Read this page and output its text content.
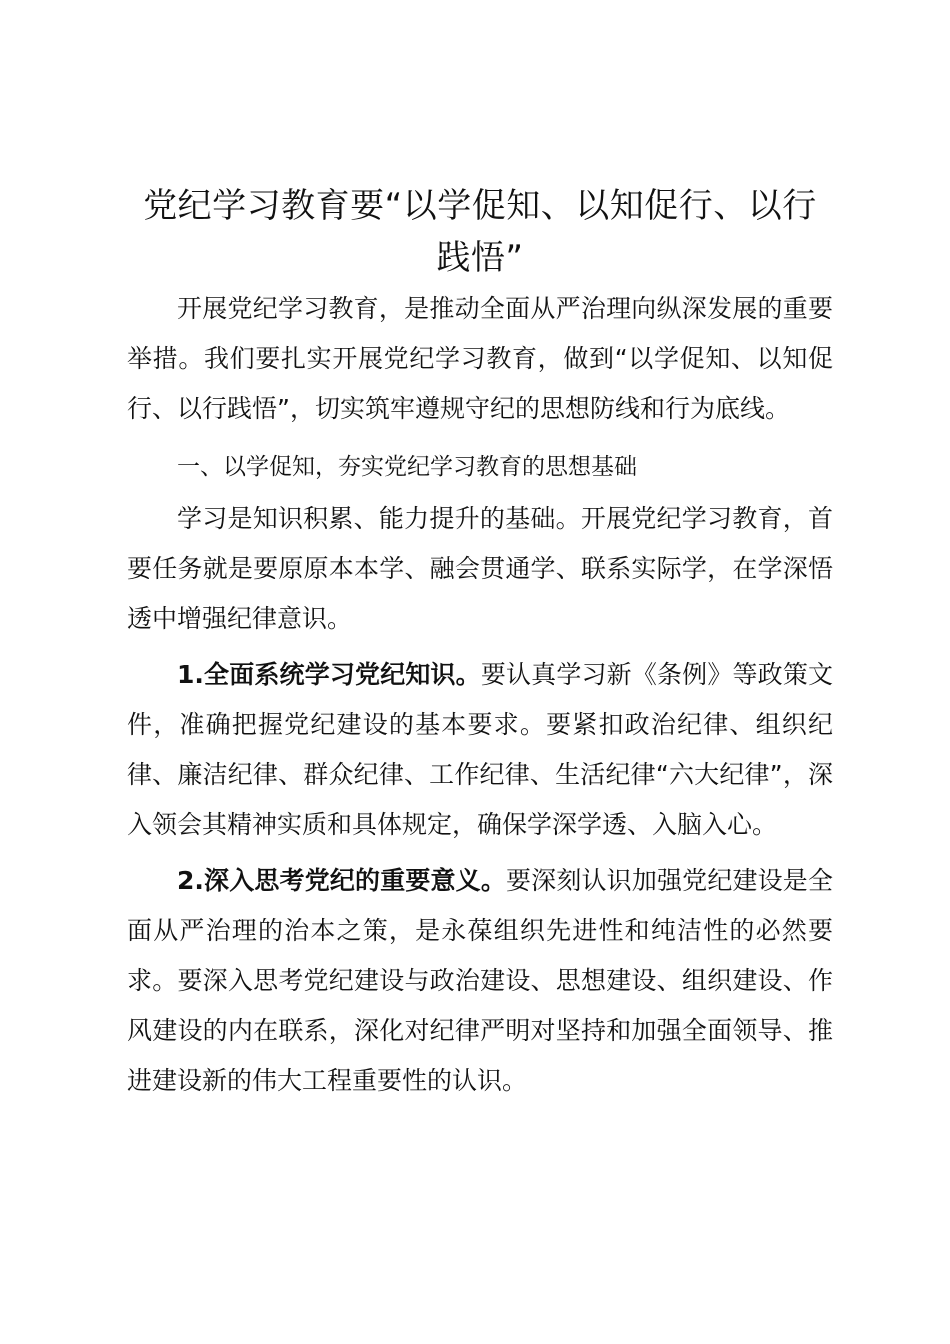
党纪学习教育要“以学促知、以知促行、以行践悟”

开展党纪学习教育，是推动全面从严治理向纵深发展的重要举措。我们要扎实开展党纪学习教育，做到“以学促知、以知促行、以行践悟”，切实筑牢遵规守纪的思想防线和行为底线。

一、以学促知，夯实党纪学习教育的思想基础

学习是知识积累、能力提升的基础。开展党纪学习教育，首要任务就是要原原本本学、融会贯通学、联系实际学，在学深悟透中增强纪律意识。

1.全面系统学习党纪知识。要认真学习新《条例》等政策文件，准确把握党纪建设的基本要求。要紧扣政治纪律、组织纪律、廉洁纪律、群众纪律、工作纪律、生活纪律“六大纪律”，深入领会其精神实质和具体规定，确保学深学透、入脑入心。

2.深入思考党纪的重要意义。要深刻认识加强党纪建设是全面从严治理的治本之策，是永葆组织先进性和纯洁性的必然要求。要深入思考党纪建设与政治建设、思想建设、组织建设、作风建设的内在联系，深化对纪律严明对坚持和加强全面领导、推进建设新的伟大工程重要性的认识。
